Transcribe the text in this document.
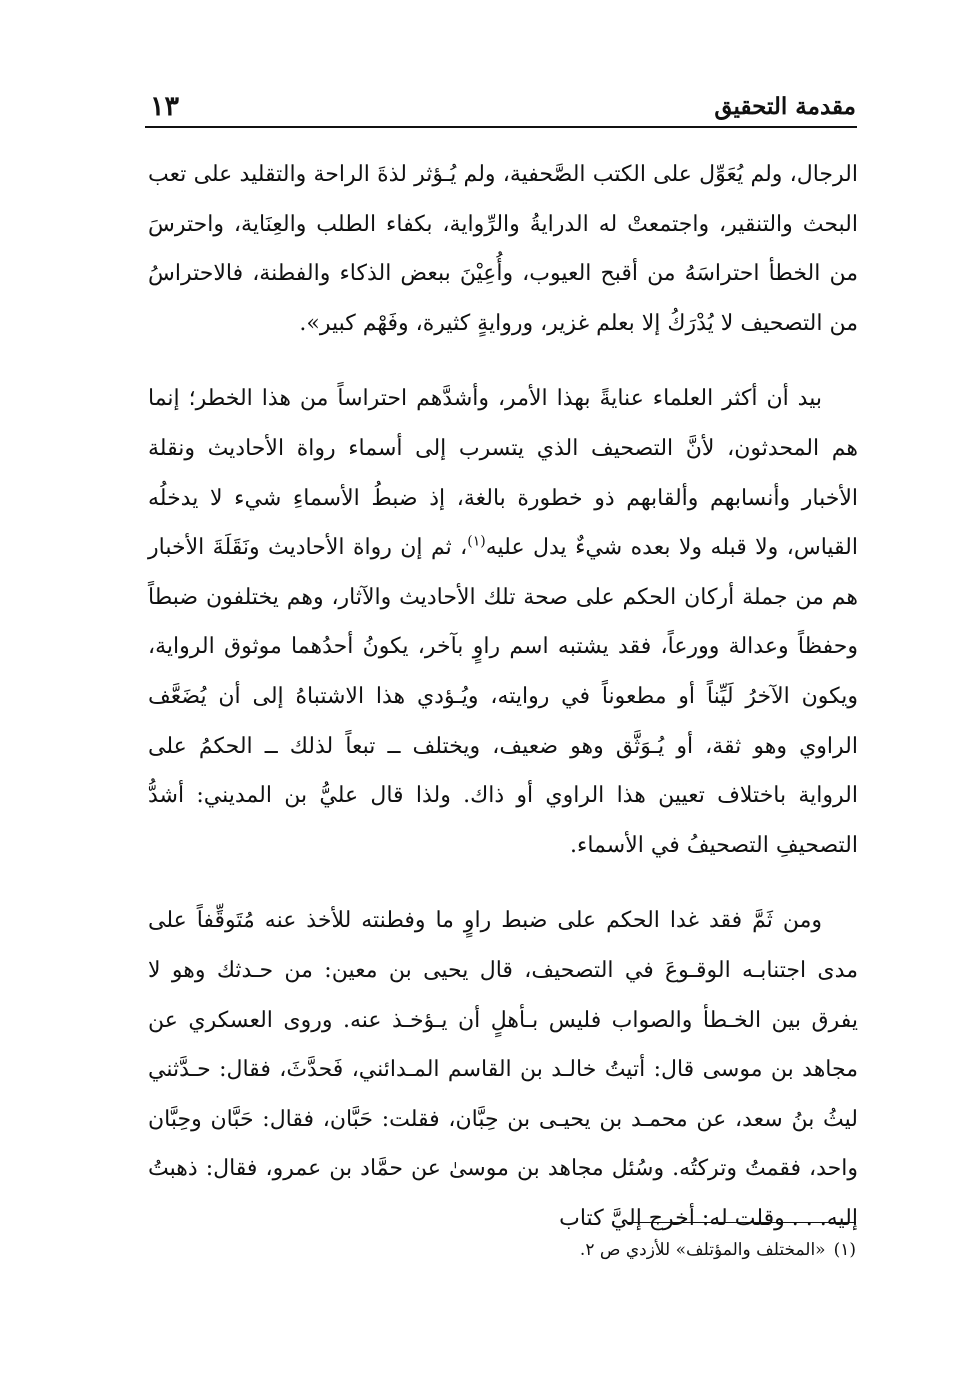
مقدمة التحقيق
١٣

الرجال، ولم يُعَوِّل على الكتب الصَّحفية، ولم يُـؤثر لذةَ الراحة والتقليد على تعب البحث والتنقير، واجتمعتْ له الدرايةُ والرِّواية، بكفاء الطلب والعِنَاية، واحترسَ من الخطأ احتراسَهُ من أقبح العيوب، وأُعِيْنَ ببعض الذكاء والفطنة، فالاحتراسُ من التصحيف لا يُدْرَكُ إلا بعلم غزير، وروايةٍ كثيرة، وفَهْم كبير».

بيد أن أكثر العلماء عنايةً بهذا الأمر، وأشدَّهم احتراساً من هذا الخطر؛ إنما هم المحدثون، لأنَّ التصحيف الذي يتسرب إلى أسماء رواة الأحاديث ونقلة الأخبار وأنسابهم وألقابهم ذو خطورة بالغة، إذ ضبطُ الأسماءِ شيء لا يدخلُه القياس، ولا قبله ولا بعده شيءٌ يدل عليه$^{(١)}$، ثم إن رواة الأحاديث ونَقَلَةَ الأخبار هم من جملة أركان الحكم على صحة تلك الأحاديث والآثار، وهم يختلفون ضبطاً وحفظاً وعدالة وورعاً، فقد يشتبه اسم راوٍ بآخر، يكونُ أحدُهما موثوق الرواية، ويكون الآخرُ لَيِّناً أو مطعوناً في روايته، ويُـؤدي هذا الاشتباهُ إلى أن يُضَعَّف الراوي وهو ثقة، أو يُـوَثَّق وهو ضعيف، ويختلف ــ تبعاً لذلك ــ الحكمُ على الرواية باختلاف تعيين هذا الراوي أو ذاك. ولذا قال عليُّ بن المديني: أشدُّ التصحيفِ التصحيفُ في الأسماء.

ومن ثَمَّ فقد غدا الحكم على ضبط راوٍ ما وفطنته للأخذ عنه مُتَوقِّفاً على مدى اجتنابـه الوقـوعَ في التصحيف، قال يحيى بن معين: من حـدثك وهو لا يفرق بين الخـطأ والصواب فليس بـأهلٍ أن يـؤخـذ عنه. وروى العسكري عن مجاهد بن موسى قال: أتيتُ خالـد بن القاسم المـدائني، فَحدَّثَ، فقال: حـدَّثني ليثُ بنُ سعد، عن محمـد بن يحيـى بن حِبَّان، فقلت: حَبَّان، فقال: حَبَّان وحِبَّان واحد، فقمتُ وتركتُه. وسُئل مجاهد بن موسىٰ عن حمَّاد بن عمرو، فقال: ذهبتُ إليه. . . وقلت له: أخرج إليَّ كتاب

(١)«المختلف والمؤتلف» للأزدي ص ٢.
